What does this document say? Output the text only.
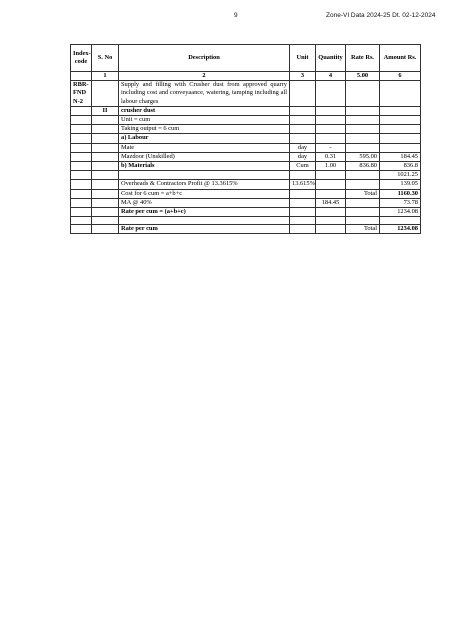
9	Zone-VI Data 2024-25 Dt. 02-12-2024
Index-code	S. No	Description	Unit	Quantity	Rate Rs.	Amount Rs.
	1	2	3	4	5.00	6
RBR-FND N-2		Supply and filling with Crusher dust from approved quarry including cost and conveyaance, watering, tamping including all labour charges				
	II	crusher dust				
		Unit = cum				
		Taking output = 6 cum				
		a) Labour				
		Mate	day	-		
		Mazdoor (Unskilled)	day	0.31	595.00	184.45
		b) Materials	Cum	1.00	836.80	836.8
						1021.25
		Overheads & Contractors Profit @ 13.3615%	13.615%			139.05
		Cost for 6 cum = a+b+c			Total	1160.30
		MA @ 40%		184.45		73.78
		Rate per cum = (a+b+c)				1234.08

		Rate per cum			Total	1234.08
